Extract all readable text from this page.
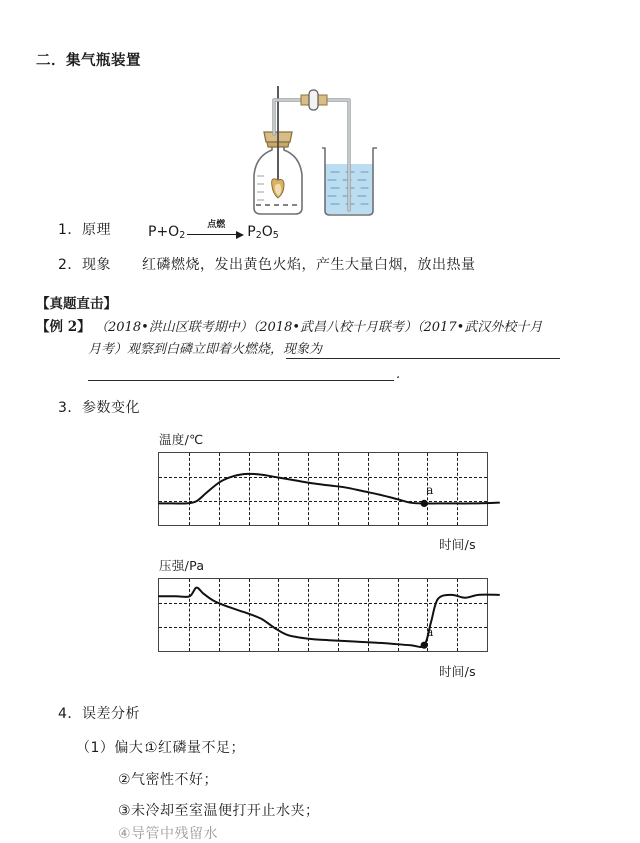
二．集气瓶装置
1． 原理	$P+O_2$
点燃 $P_2O_5$
2． 现象 红磷燃烧，发出黄色火焰，产生大量白烟，放出热量
【真题直击】
【例 2】 （2018•洪山区联考期中）（2018•武昌八校十月联考）（2017•武汉外校十月
月考）观察到白磷立即着火燃烧，现象为
.
3． 参数变化
温度/℃
a
时间/s
压强/Pa
a
时间/s
4． 误差分析
（1）偏大：
①红磷量不足；
②气密性不好；
③未冷却至室温便打开止水夹；
④导管中残留水
